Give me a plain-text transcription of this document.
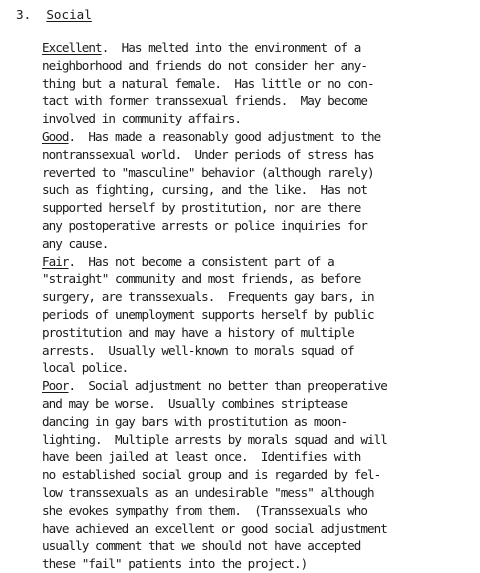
3. Social
Excellent.  Has melted into the environment of a
neighborhood and friends do not consider her any-
thing but a natural female.  Has little or no con-
tact with former transsexual friends.  May become
involved in community affairs.
Good.  Has made a reasonably good adjustment to the
nontranssexual world.  Under periods of stress has
reverted to "masculine" behavior (although rarely)
such as fighting, cursing, and the like.  Has not
supported herself by prostitution, nor are there
any postoperative arrests or police inquiries for
any cause.
Fair.  Has not become a consistent part of a
"straight" community and most friends, as before
surgery, are transsexuals.  Frequents gay bars, in
periods of unemployment supports herself by public
prostitution and may have a history of multiple
arrests.  Usually well-known to morals squad of
local police.
Poor.  Social adjustment no better than preoperative
and may be worse.  Usually combines striptease
dancing in gay bars with prostitution as moon-
lighting.  Multiple arrests by morals squad and will
have been jailed at least once.  Identifies with
no established social group and is regarded by fel-
low transsexuals as an undesirable "mess" although
she evokes sympathy from them.  (Transsexuals who
have achieved an excellent or good social adjustment
usually comment that we should not have accepted
these "fail" patients into the project.)
